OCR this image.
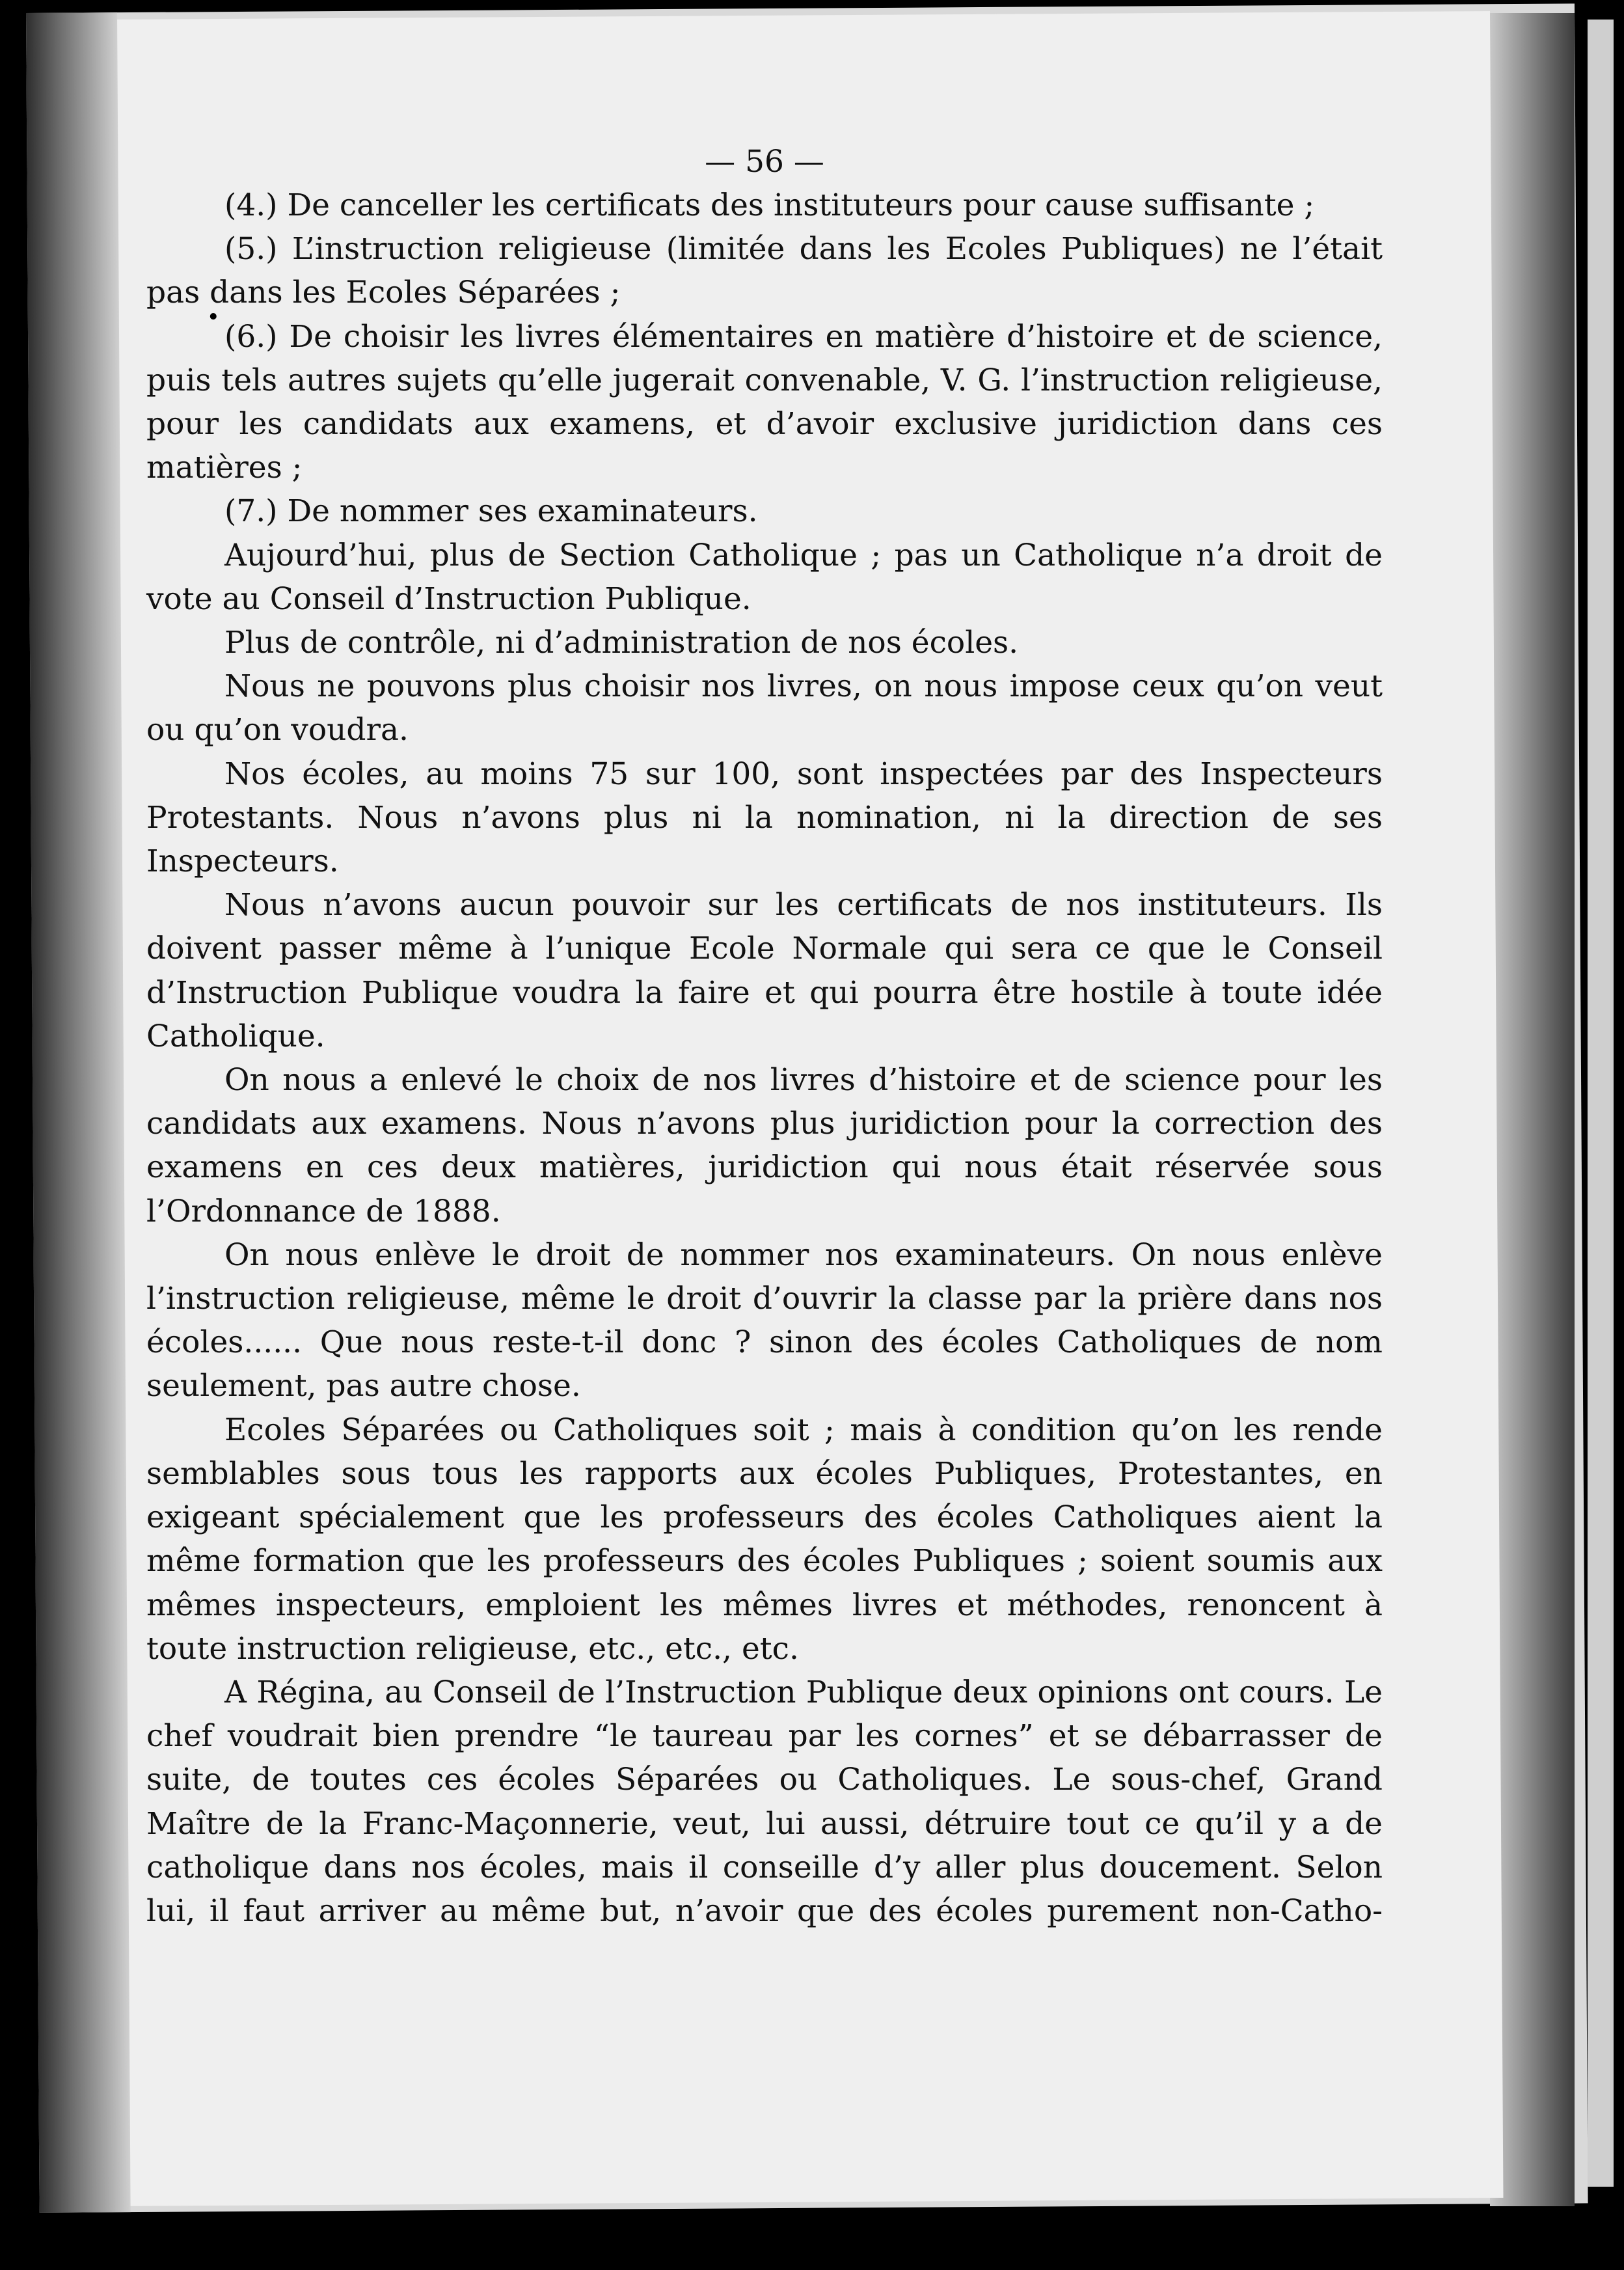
— 56 —

(4.) De canceller les certificats des instituteurs pour cause suffisante ;

(5.) L’instruction religieuse (limitée dans les Ecoles Publiques) ne l’était pas dans les Ecoles Séparées ;

(6.) De choisir les livres élémentaires en matière d’histoire et de science, puis tels autres sujets qu’elle jugerait convenable, V. G. l’instruction religieuse, pour les candidats aux examens, et d’avoir exclusive juridiction dans ces matières ;

(7.) De nommer ses examinateurs.

Aujourd’hui, plus de Section Catholique ; pas un Catholique n’a droit de vote au Conseil d’Instruction Publique.

Plus de contrôle, ni d’administration de nos écoles.

Nous ne pouvons plus choisir nos livres, on nous impose ceux qu’on veut ou qu’on voudra.

Nos écoles, au moins 75 sur 100, sont inspectées par des Inspecteurs Protestants. Nous n’avons plus ni la nomination, ni la direction de ses Inspecteurs.

Nous n’avons aucun pouvoir sur les certificats de nos instituteurs. Ils doivent passer même à l’unique Ecole Normale qui sera ce que le Conseil d’Instruction Publique voudra la faire et qui pourra être hostile à toute idée Catholique.

On nous a enlevé le choix de nos livres d’histoire et de science pour les candidats aux examens. Nous n’avons plus juridiction pour la correction des examens en ces deux matières, juridiction qui nous était réservée sous l’Ordonnance de 1888.

On nous enlève le droit de nommer nos examinateurs. On nous enlève l’instruction religieuse, même le droit d’ouvrir la classe par la prière dans nos écoles...... Que nous reste-t-il donc ? sinon des écoles Catholiques de nom seulement, pas autre chose.

Ecoles Séparées ou Catholiques soit ; mais à condition qu’on les rende semblables sous tous les rapports aux écoles Publiques, Protestantes, en exigeant spécialement que les professeurs des écoles Catholiques aient la même formation que les professeurs des écoles Publiques ; soient soumis aux mêmes inspecteurs, emploient les mêmes livres et méthodes, renoncent à toute instruction religieuse, etc., etc., etc.

A Régina, au Conseil de l’Instruction Publique deux opinions ont cours. Le chef voudrait bien prendre “le taureau par les cornes” et se débarrasser de suite, de toutes ces écoles Séparées ou Catholiques. Le sous-chef, Grand Maître de la Franc-Maçonnerie, veut, lui aussi, détruire tout ce qu’il y a de catholique dans nos écoles, mais il conseille d’y aller plus doucement. Selon lui, il faut arriver au même but, n’avoir que des écoles purement non-Catho-
